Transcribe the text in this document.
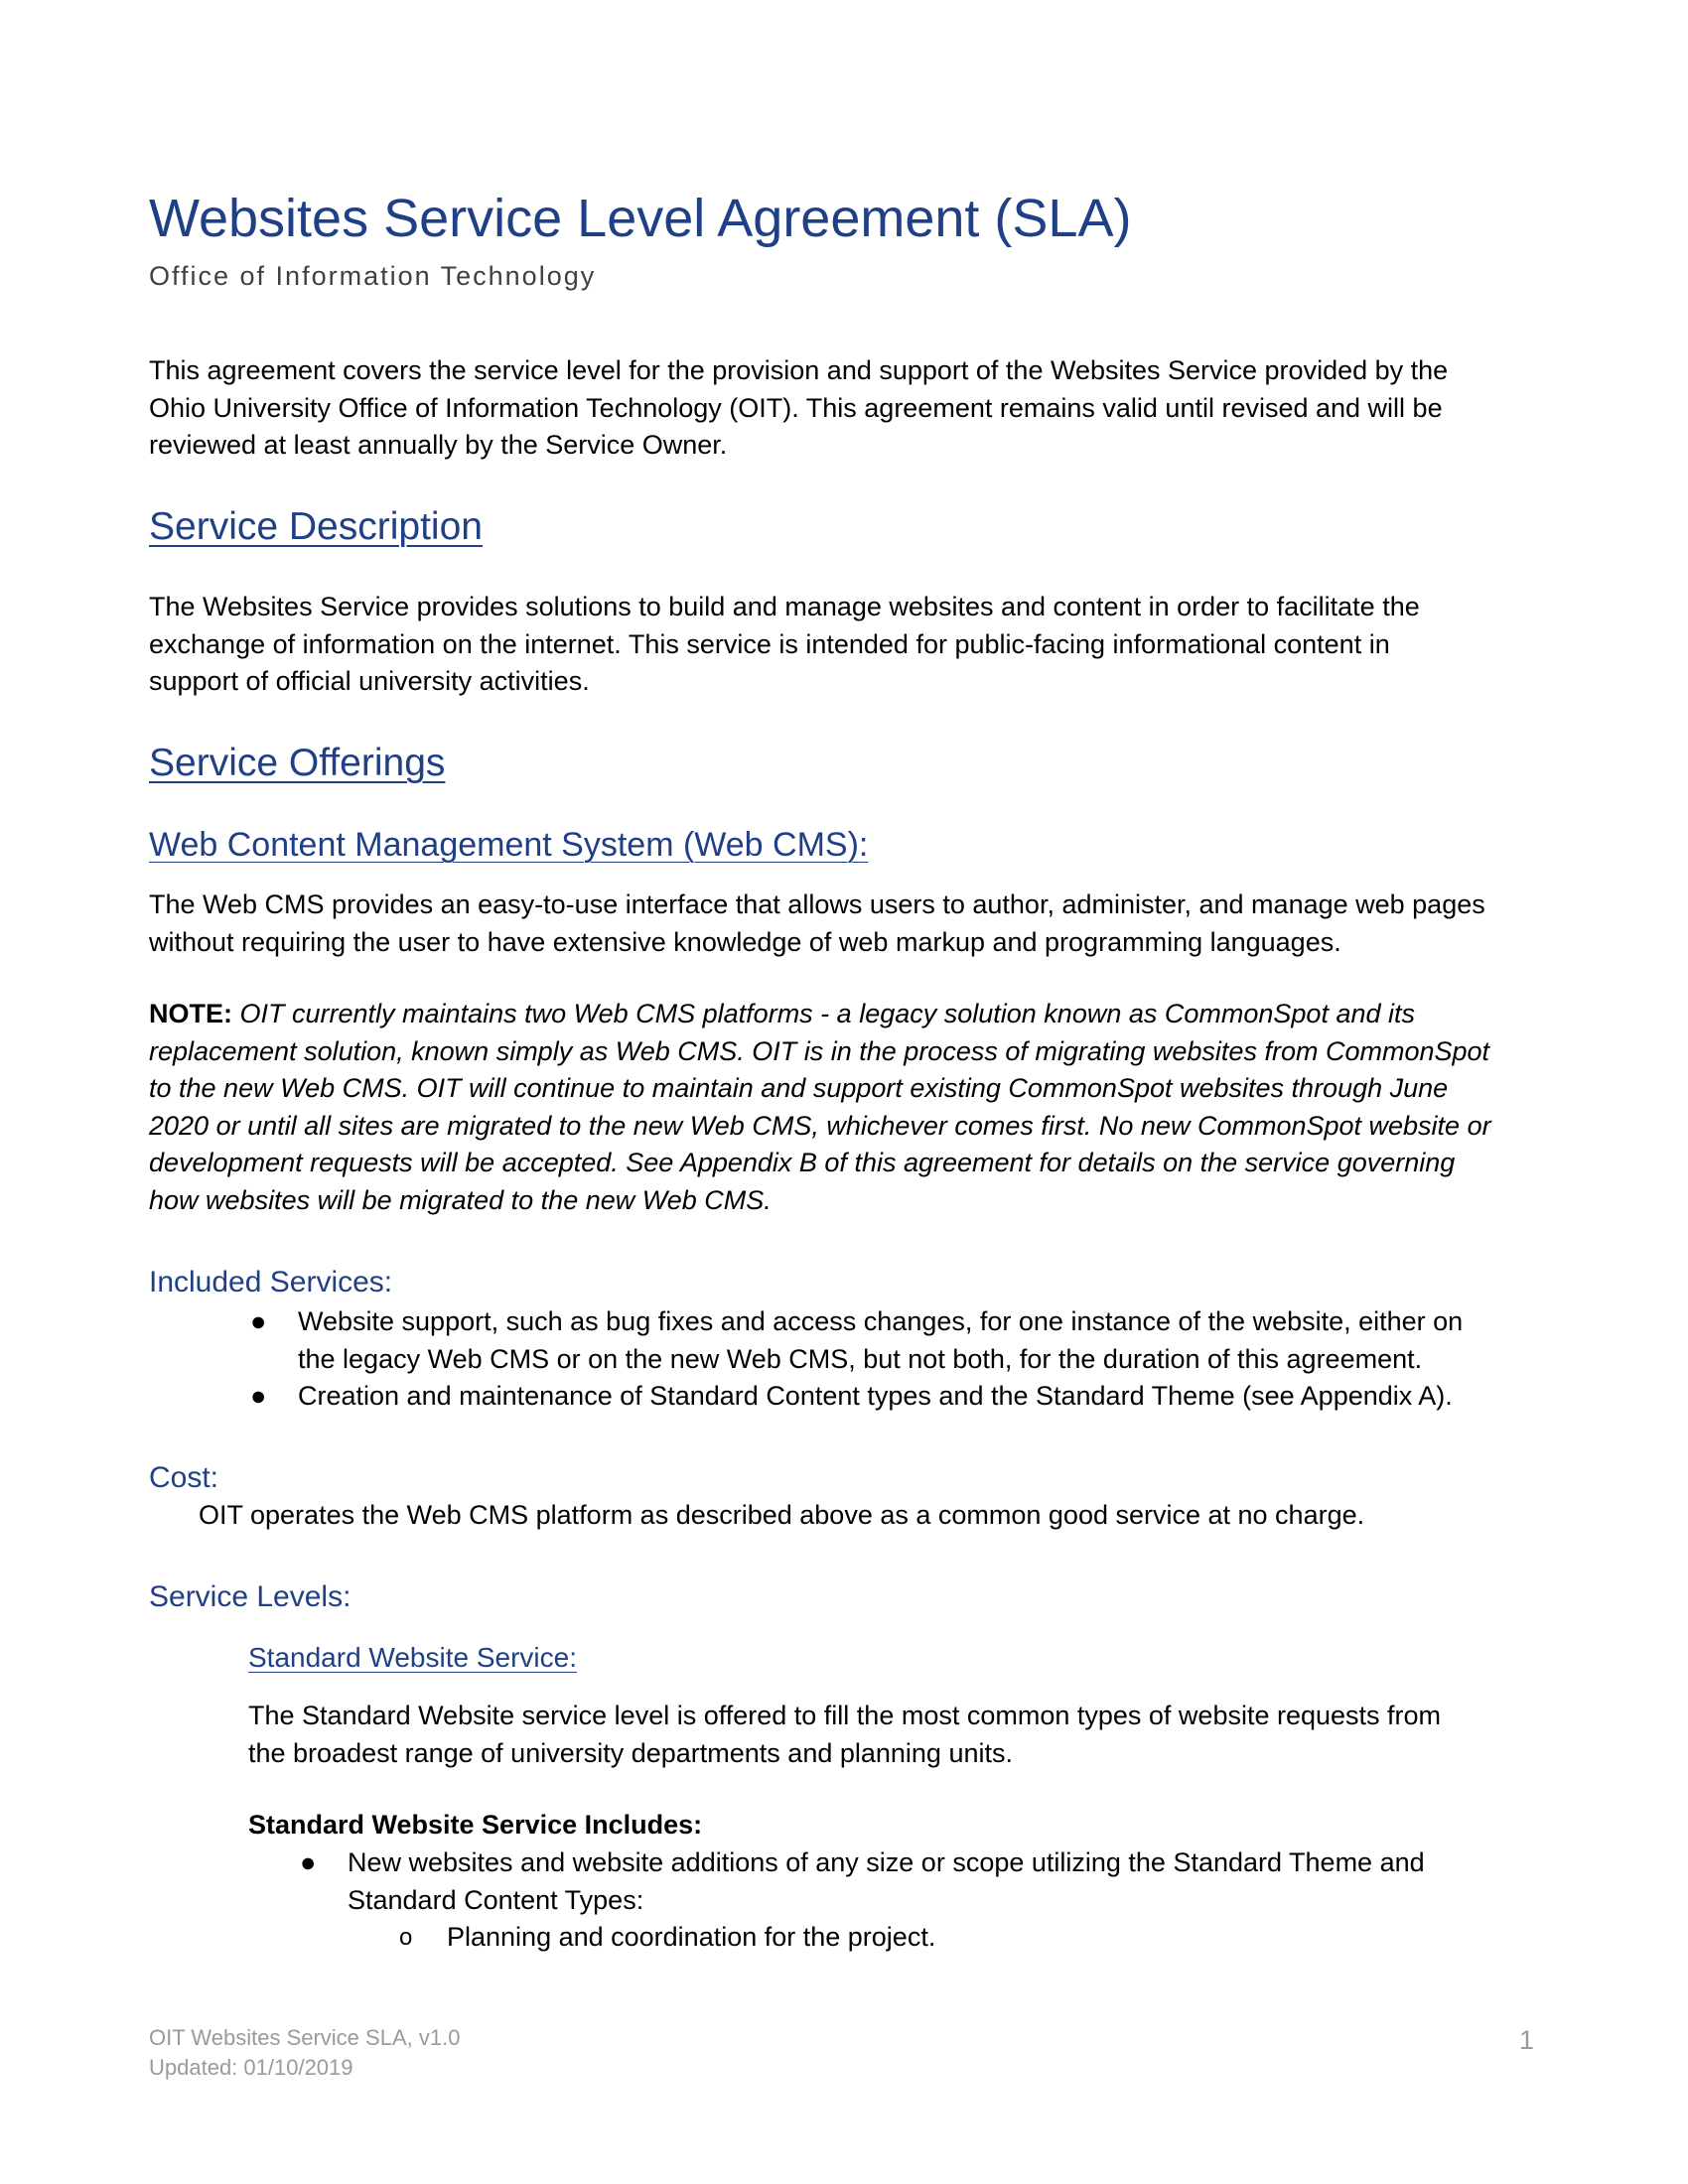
Websites Service Level Agreement (SLA)
Office of Information Technology
This agreement covers the service level for the provision and support of the Websites Service provided by the
Ohio University Office of Information Technology (OIT). This agreement remains valid until revised and will be
reviewed at least annually by the Service Owner.
Service Description
The Websites Service provides solutions to build and manage websites and content in order to facilitate the
exchange of information on the internet. This service is intended for public-facing informational content in
support of official university activities.
Service Offerings
Web Content Management System (Web CMS):
The Web CMS provides an easy-to-use interface that allows users to author, administer, and manage web pages
without requiring the user to have extensive knowledge of web markup and programming languages.
NOTE: OIT currently maintains two Web CMS platforms - a legacy solution known as CommonSpot and its
replacement solution, known simply as Web CMS. OIT is in the process of migrating websites from CommonSpot
to the new Web CMS. OIT will continue to maintain and support existing CommonSpot websites through June
2020 or until all sites are migrated to the new Web CMS, whichever comes first. No new CommonSpot website or
development requests will be accepted. See Appendix B of this agreement for details on the service governing
how websites will be migrated to the new Web CMS.
Included Services:
● Website support, such as bug fixes and access changes, for one instance of the website, either on
the legacy Web CMS or on the new Web CMS, but not both, for the duration of this agreement.
● Creation and maintenance of Standard Content types and the Standard Theme (see Appendix A).
Cost:
OIT operates the Web CMS platform as described above as a common good service at no charge.
Service Levels:
Standard Website Service:
The Standard Website service level is offered to fill the most common types of website requests from
the broadest range of university departments and planning units.
Standard Website Service Includes:
● New websites and website additions of any size or scope utilizing the Standard Theme and
Standard Content Types:
o Planning and coordination for the project.
OIT Websites Service SLA, v1.0
Updated: 01/10/2019
1
